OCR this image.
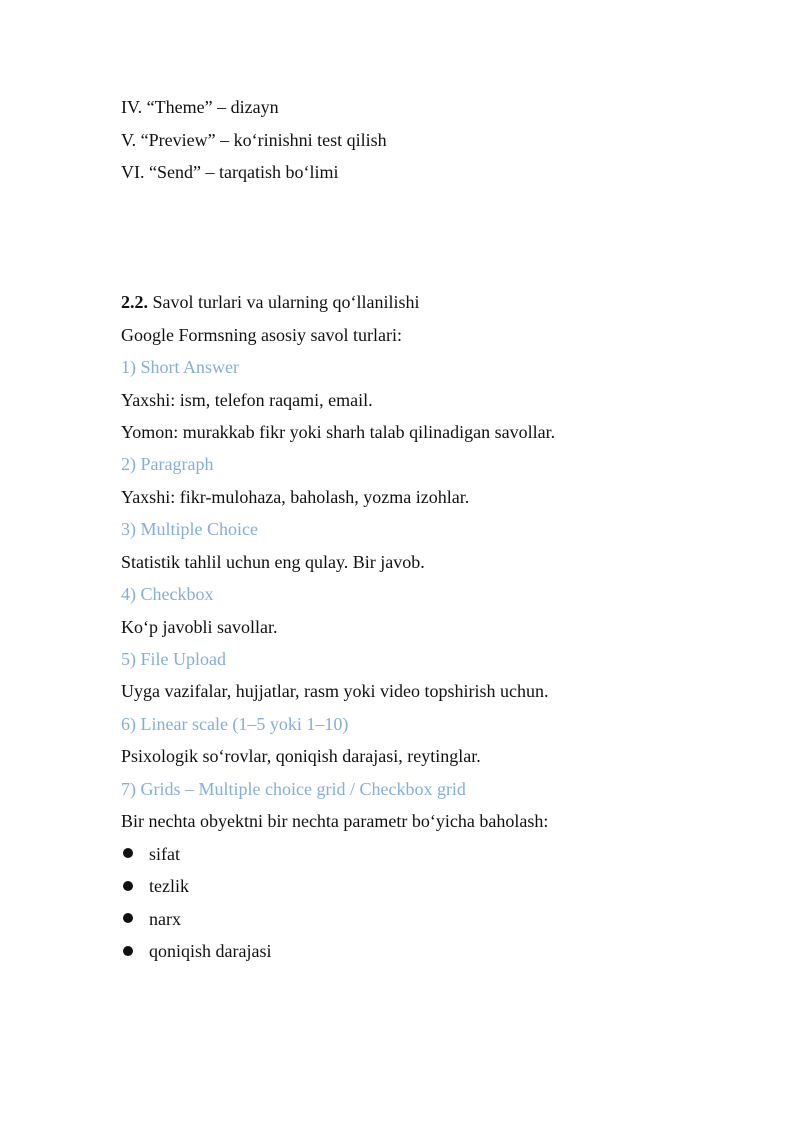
IV. “Theme” – dizayn
V. “Preview” – ko‘rinishni test qilish
VI. “Send” – tarqatish bo‘limi
2.2. Savol turlari va ularning qo‘llanilishi
Google Formsning asosiy savol turlari:
1) Short Answer
Yaxshi: ism, telefon raqami, email.
Yomon: murakkab fikr yoki sharh talab qilinadigan savollar.
2) Paragraph
Yaxshi: fikr-mulohaza, baholash, yozma izohlar.
3) Multiple Choice
Statistik tahlil uchun eng qulay. Bir javob.
4) Checkbox
Ko‘p javobli savollar.
5) File Upload
Uyga vazifalar, hujjatlar, rasm yoki video topshirish uchun.
6) Linear scale (1–5 yoki 1–10)
Psixologik so‘rovlar, qoniqish darajasi, reytinglar.
7) Grids – Multiple choice grid / Checkbox grid
Bir nechta obyektni bir nechta parametr bo‘yicha baholash:
sifat
tezlik
narx
qoniqish darajasi
